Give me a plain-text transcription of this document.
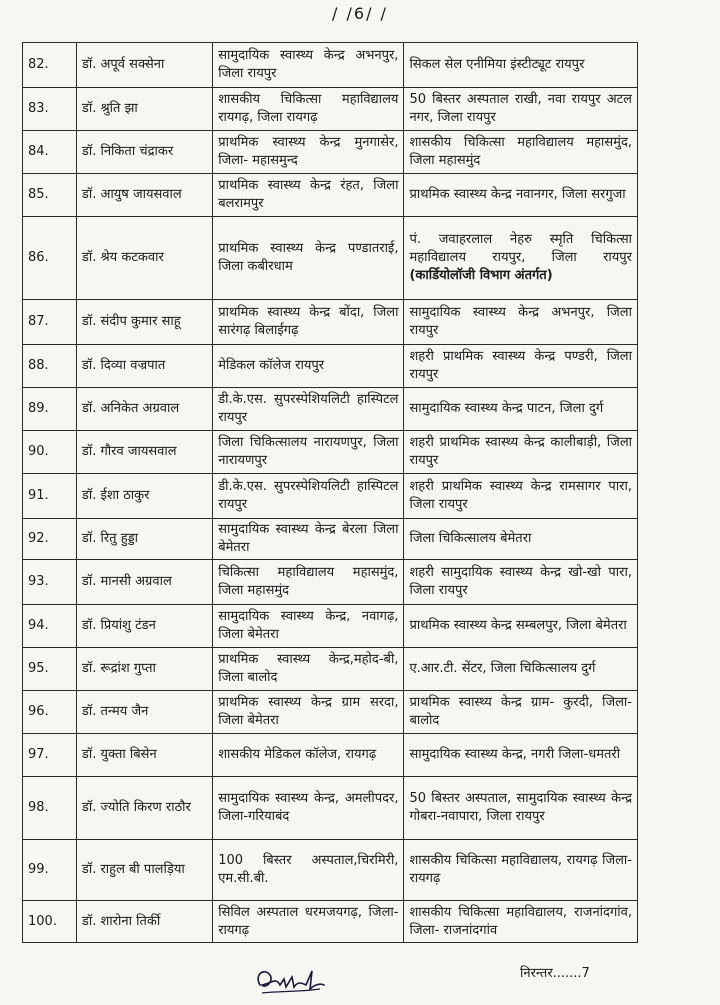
/ /6/ /
82.	डॉ. अपूर्व सक्सेना	सामुदायिक स्वास्थ्य केन्द्र अभनपुर, जिला रायपुर	सिकल सेल एनीमिया इंस्टीट्यूट रायपुर
83.	डॉ. श्रुति झा	शासकीय चिकित्सा महाविद्यालय रायगढ़, जिला रायगढ़	50 बिस्तर अस्पताल राखी, नवा रायपुर अटल नगर, जिला रायपुर
84.	डॉ. निकिता चंद्राकर	प्राथमिक स्वास्थ्य केन्द्र मुनगासेर, जिला- महासमुन्द	शासकीय चिकित्सा महाविद्यालय महासमुंद, जिला महासमुंद
85.	डॉ. आयुष जायसवाल	प्राथमिक स्वास्थ्य केन्द्र रंहत, जिला बलरामपुर	प्राथमिक स्वास्थ्य केन्द्र नवानगर, जिला सरगुजा
86.	डॉ. श्रेय कटकवार	प्राथमिक स्वास्थ्य केन्द्र पण्डातराई, जिला कबीरधाम	पं. जवाहरलाल नेहरु स्मृति चिकित्सा महाविद्यालय रायपुर, जिला रायपुर (कार्डियोलॉजी विभाग अंतर्गत)
87.	डॉ. संदीप कुमार साहू	प्राथमिक स्वास्थ्य केन्द्र बोंदा, जिला सारंगढ़ बिलाईगढ़	सामुदायिक स्वास्थ्य केन्द्र अभनपुर, जिला रायपुर
88.	डॉ. दिव्या वज्रपात	मेडिकल कॉलेज रायपुर	शहरी प्राथमिक स्वास्थ्य केन्द्र पण्डरी, जिला रायपुर
89.	डॉ. अनिकेत अग्रवाल	डी.के.एस. सुपरस्पेशियलिटी हास्पिटल रायपुर	सामुदायिक स्वास्थ्य केन्द्र पाटन, जिला दुर्ग
90.	डॉ. गौरव जायसवाल	जिला चिकित्सालय नारायणपुर, जिला नारायणपुर	शहरी प्राथमिक स्वास्थ्य केन्द्र कालीबाड़ी, जिला रायपुर
91.	डॉ. ईशा ठाकुर	डी.के.एस. सुपरस्पेशियलिटी हास्पिटल रायपुर	शहरी प्राथमिक स्वास्थ्य केन्द्र रामसागर पारा, जिला रायपुर
92.	डॉ. रितु हुड्डा	सामुदायिक स्वास्थ्य केन्द्र बेरला जिला बेमेतरा	जिला चिकित्सालय बेमेतरा
93.	डॉ. मानसी अग्रवाल	चिकित्सा महाविद्यालय महासमुंद, जिला महासमुंद	शहरी सामुदायिक स्वास्थ्य केन्द्र खो-खो पारा, जिला रायपुर
94.	डॉ. प्रियांशु टंडन	सामुदायिक स्वास्थ्य केन्द्र, नवागढ़, जिला बेमेतरा	प्राथमिक स्वास्थ्य केन्द्र सम्बलपुर, जिला बेमेतरा
95.	डॉ. रूद्रांश गुप्ता	प्राथमिक स्वास्थ्य केन्द्र,महोद-बी, जिला बालोद	ए.आर.टी. सेंटर, जिला चिकित्सालय दुर्ग
96.	डॉ. तन्मय जैन	प्राथमिक स्वास्थ्य केन्द्र ग्राम सरदा, जिला बेमेतरा	प्राथमिक स्वास्थ्य केन्द्र ग्राम- कुरदी, जिला-बालोद
97.	डॉ. युक्ता बिसेन	शासकीय मेडिकल कॉलेज, रायगढ़	सामुदायिक स्वास्थ्य केन्द्र, नगरी जिला-धमतरी
98.	डॉ. ज्योति किरण राठौर	सामुदायिक स्वास्थ्य केन्द्र, अमलीपदर, जिला-गरियाबंद	50 बिस्तर अस्पताल, सामुदायिक स्वास्थ्य केन्द्र गोबरा-नवापारा, जिला रायपुर
99.	डॉ. राहुल बी पालड़िया	100 बिस्तर अस्पताल,चिरमिरी, एम.सी.बी.	शासकीय चिकित्सा महाविद्यालय, रायगढ़ जिला-रायगढ़
100.	डॉ. शारोना तिर्की	सिविल अस्पताल धरमजयगढ़, जिला-रायगढ़	शासकीय चिकित्सा महाविद्यालय, राजनांदगांव, जिला- राजनांदगांव
निरन्तर.......7
